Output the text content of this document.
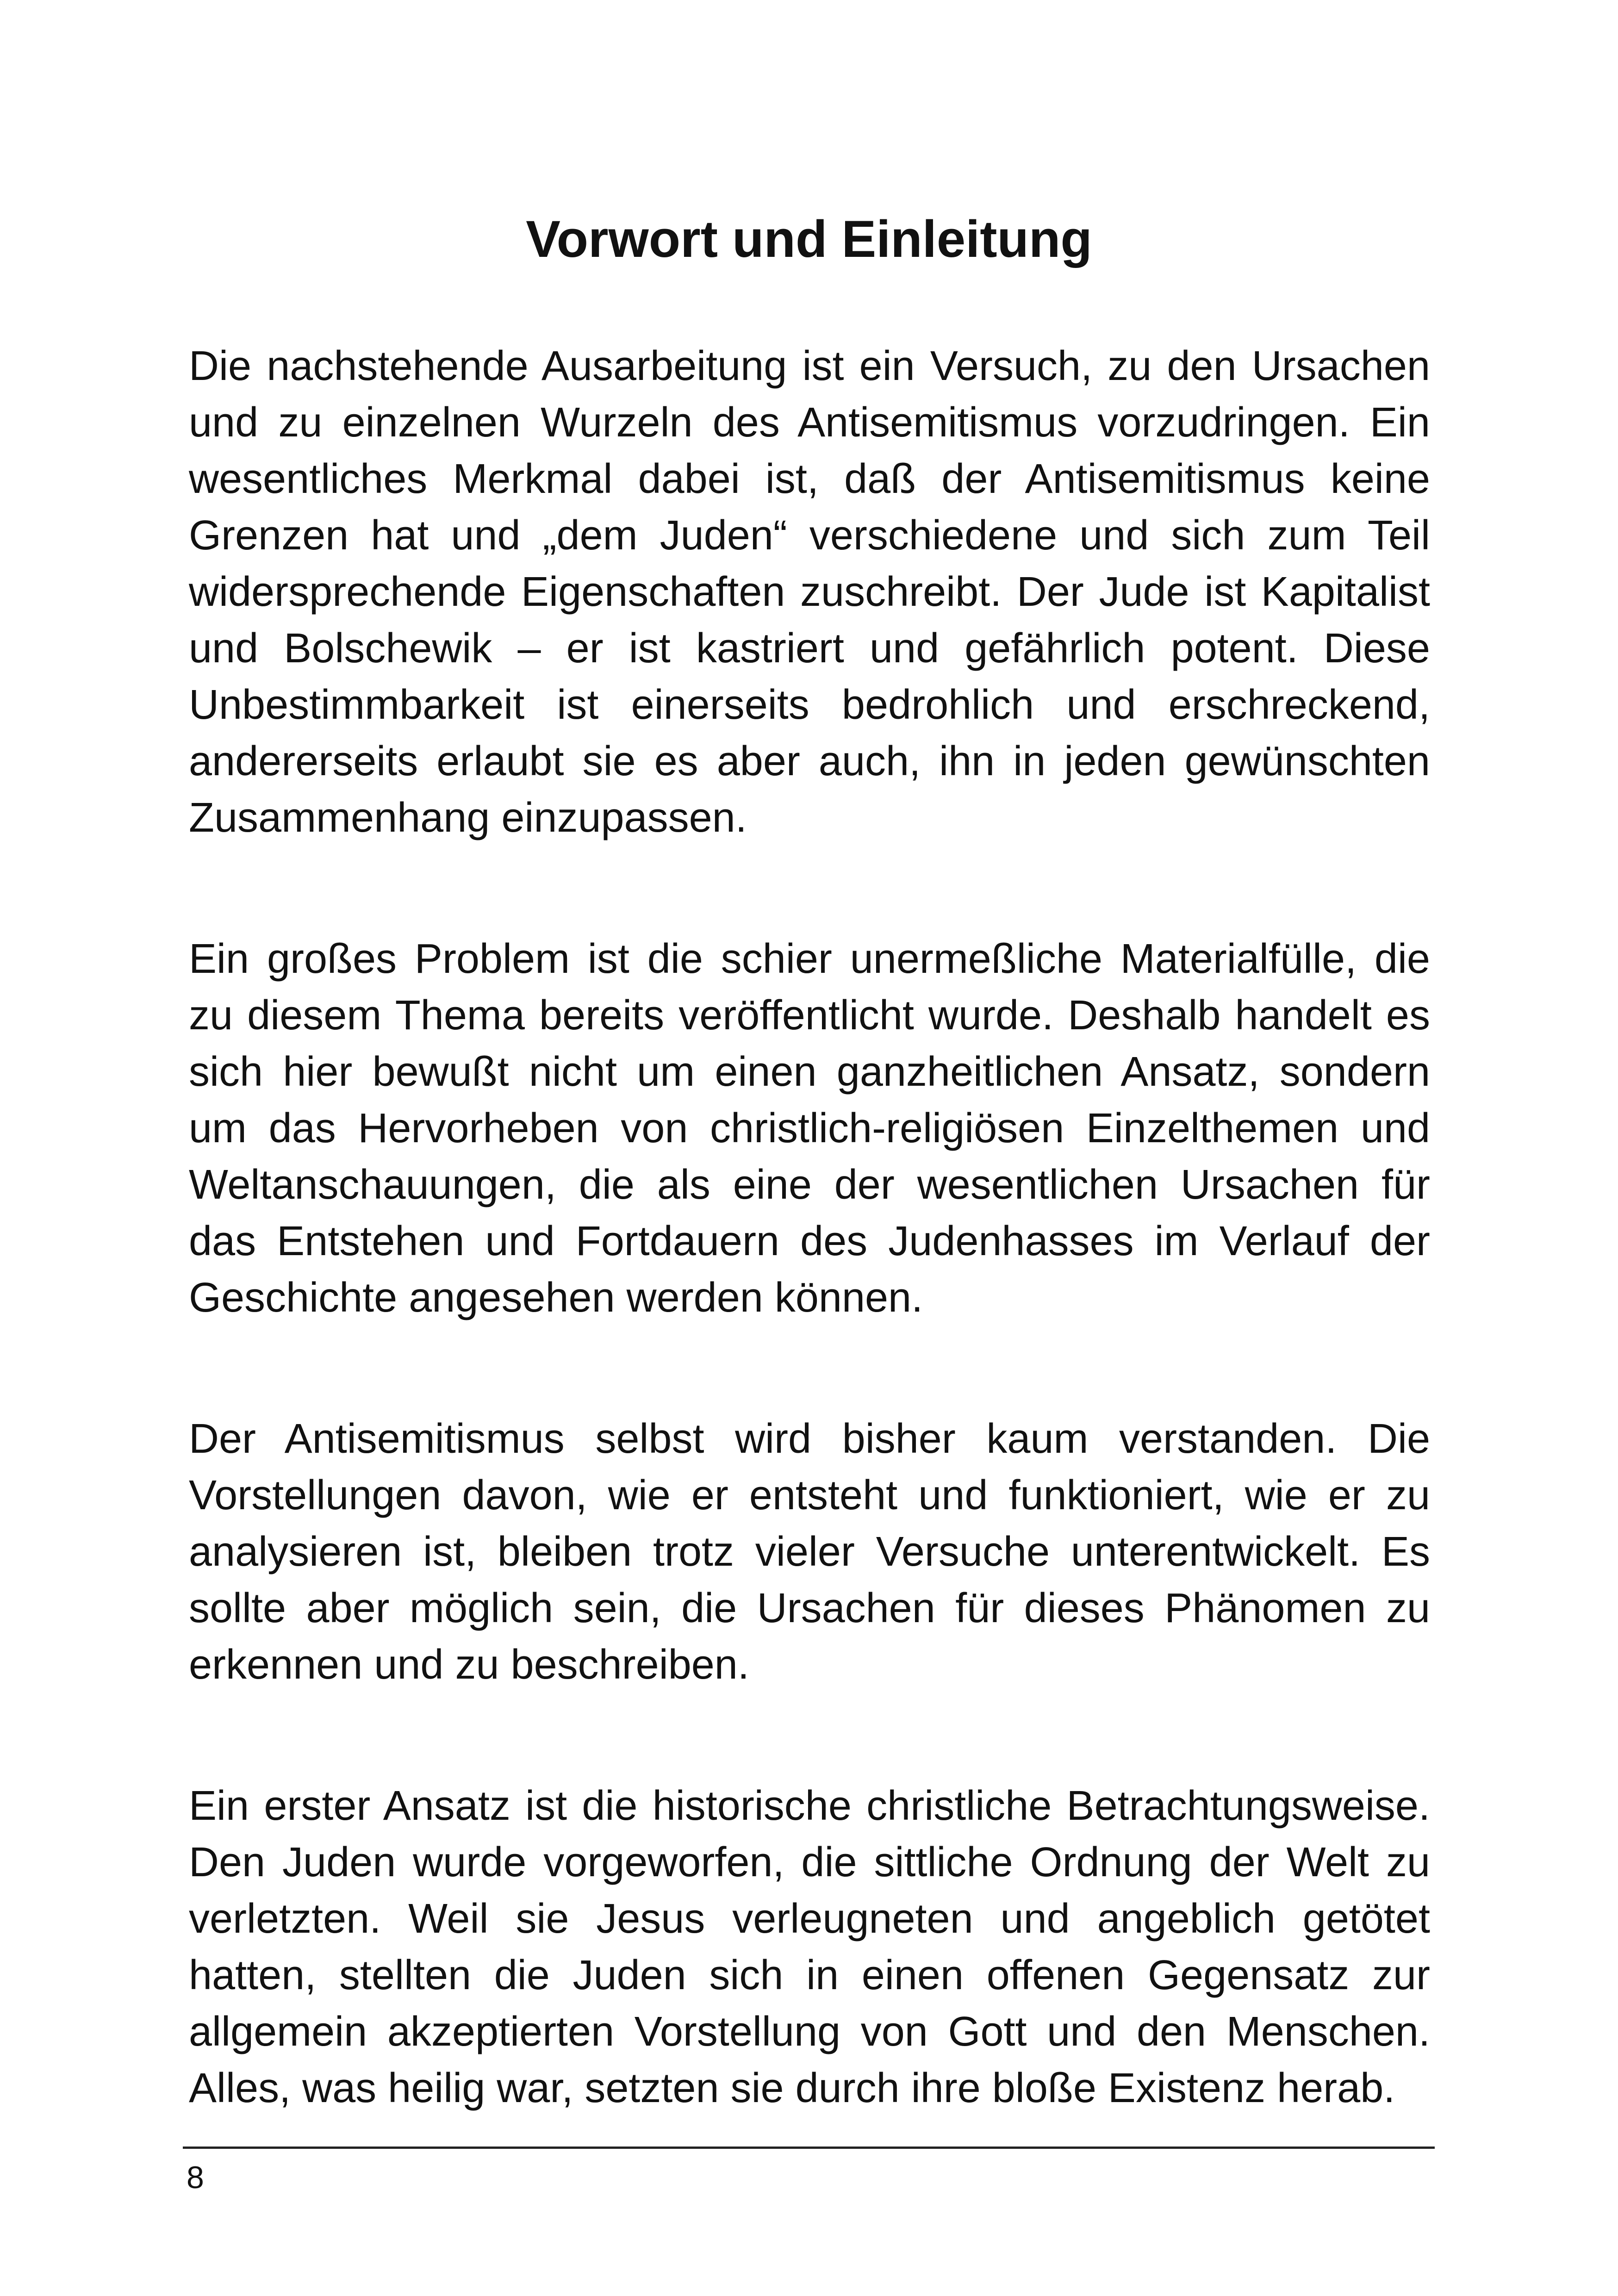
Vorwort und Einleitung

Die nachstehende Ausarbeitung ist ein Versuch, zu den Ursachen und zu einzelnen Wurzeln des Antisemitismus vorzudringen. Ein wesentliches Merkmal dabei ist, daß der Antisemitismus keine Grenzen hat und „dem Juden“ verschiedene und sich zum Teil widersprechende Eigenschaften zuschreibt. Der Jude ist Kapitalist und Bolschewik – er ist kastriert und gefährlich potent. Diese Unbestimmbarkeit ist einerseits bedrohlich und erschreckend, andererseits erlaubt sie es aber auch, ihn in jeden gewünschten Zusammenhang einzupassen.

Ein großes Problem ist die schier unermeßliche Materialfülle, die zu diesem Thema bereits veröffentlicht wurde. Deshalb handelt es sich hier bewußt nicht um einen ganzheitlichen Ansatz, sondern um das Hervorheben von christlich-religiösen Einzelthemen und Weltanschauungen, die als eine der wesentlichen Ursachen für das Entstehen und Fortdauern des Judenhasses im Verlauf der Geschichte angesehen werden können.

Der Antisemitismus selbst wird bisher kaum verstanden. Die Vorstellungen davon, wie er entsteht und funktioniert, wie er zu analysieren ist, bleiben trotz vieler Versuche unterentwickelt. Es sollte aber möglich sein, die Ursachen für dieses Phänomen zu erkennen und zu beschreiben.

Ein erster Ansatz ist die historische christliche Betrachtungsweise. Den Juden wurde vorgeworfen, die sittliche Ordnung der Welt zu verletzten. Weil sie Jesus verleugneten und angeblich getötet hatten, stellten die Juden sich in einen offenen Gegensatz zur allgemein akzeptierten Vorstellung von Gott und den Menschen. Alles, was heilig war, setzten sie durch ihre bloße Existenz herab.

8
